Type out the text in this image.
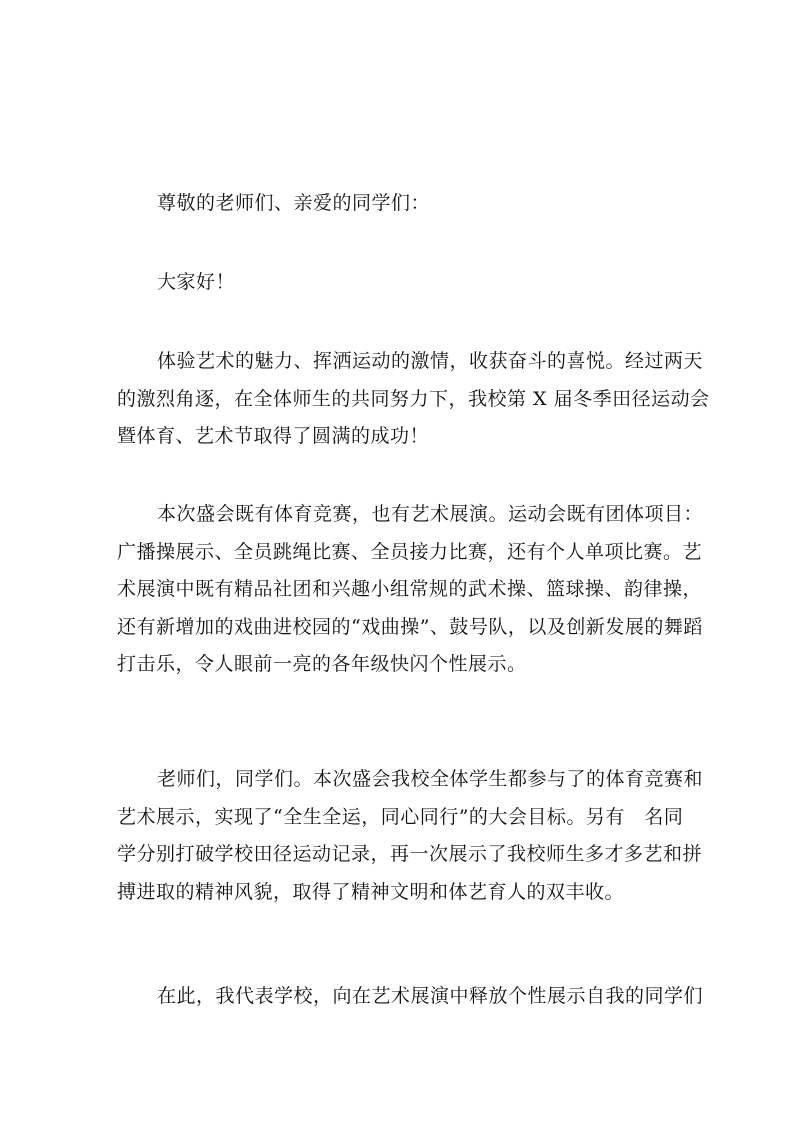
尊敬的老师们、亲爱的同学们：

大家好！

体验艺术的魅力、挥洒运动的激情，收获奋斗的喜悦。经过两天
的激烈角逐，在全体师生的共同努力下，我校第 X 届冬季田径运动会
暨体育、艺术节取得了圆满的成功！

本次盛会既有体育竞赛，也有艺术展演。运动会既有团体项目：
广播操展示、全员跳绳比赛、全员接力比赛，还有个人单项比赛。艺
术展演中既有精品社团和兴趣小组常规的武术操、篮球操、韵律操，
还有新增加的戏曲进校园的“戏曲操”、鼓号队，以及创新发展的舞蹈
打击乐，令人眼前一亮的各年级快闪个性展示。

老师们，同学们。本次盛会我校全体学生都参与了的体育竞赛和
艺术展示，实现了“全生全运，同心同行”的大会目标。另有　名同
学分别打破学校田径运动记录，再一次展示了我校师生多才多艺和拼
搏进取的精神风貌，取得了精神文明和体艺育人的双丰收。

在此，我代表学校，向在艺术展演中释放个性展示自我的同学们
